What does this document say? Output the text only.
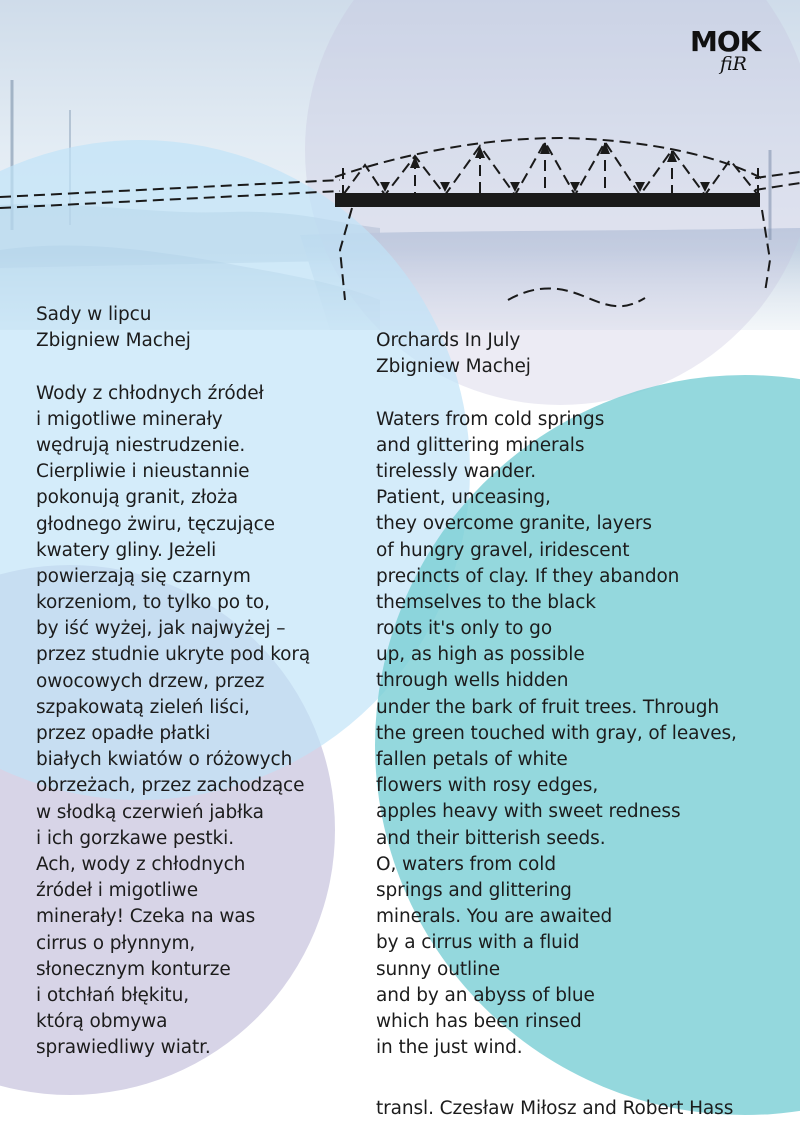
MOK
fiR
Sady w lipcu
Zbigniew Machej
Wody z chłodnych źródeł
i migotliwe minerały
wędrują niestrudzenie.
Cierpliwie i nieustannie
pokonują granit, złoża
głodnego żwiru, tęczujące
kwatery gliny. Jeżeli
powierzają się czarnym
korzeniom, to tylko po to,
by iść wyżej, jak najwyżej –
przez studnie ukryte pod korą
owocowych drzew, przez
szpakowatą zieleń liści,
przez opadłe płatki
białych kwiatów o różowych
obrzeżach, przez zachodzące
w słodką czerwień jabłka
i ich gorzkawe pestki.
Ach, wody z chłodnych
źródeł i migotliwe
minerały! Czeka na was
cirrus o płynnym,
słonecznym konturze
i otchłań błękitu,
którą obmywa
sprawiedliwy wiatr.
Orchards In July
Zbigniew Machej
Waters from cold springs
and glittering minerals
tirelessly wander.
Patient, unceasing,
they overcome granite, layers
of hungry gravel, iridescent
precincts of clay. If they abandon
themselves to the black
roots it's only to go
up, as high as possible
through wells hidden
under the bark of fruit trees. Through
the green touched with gray, of leaves,
fallen petals of white
flowers with rosy edges,
apples heavy with sweet redness
and their bitterish seeds.
O, waters from cold
springs and glittering
minerals. You are awaited
by a cirrus with a fluid
sunny outline
and by an abyss of blue
which has been rinsed
in the just wind.
transl. Czesław Miłosz and Robert Hass
